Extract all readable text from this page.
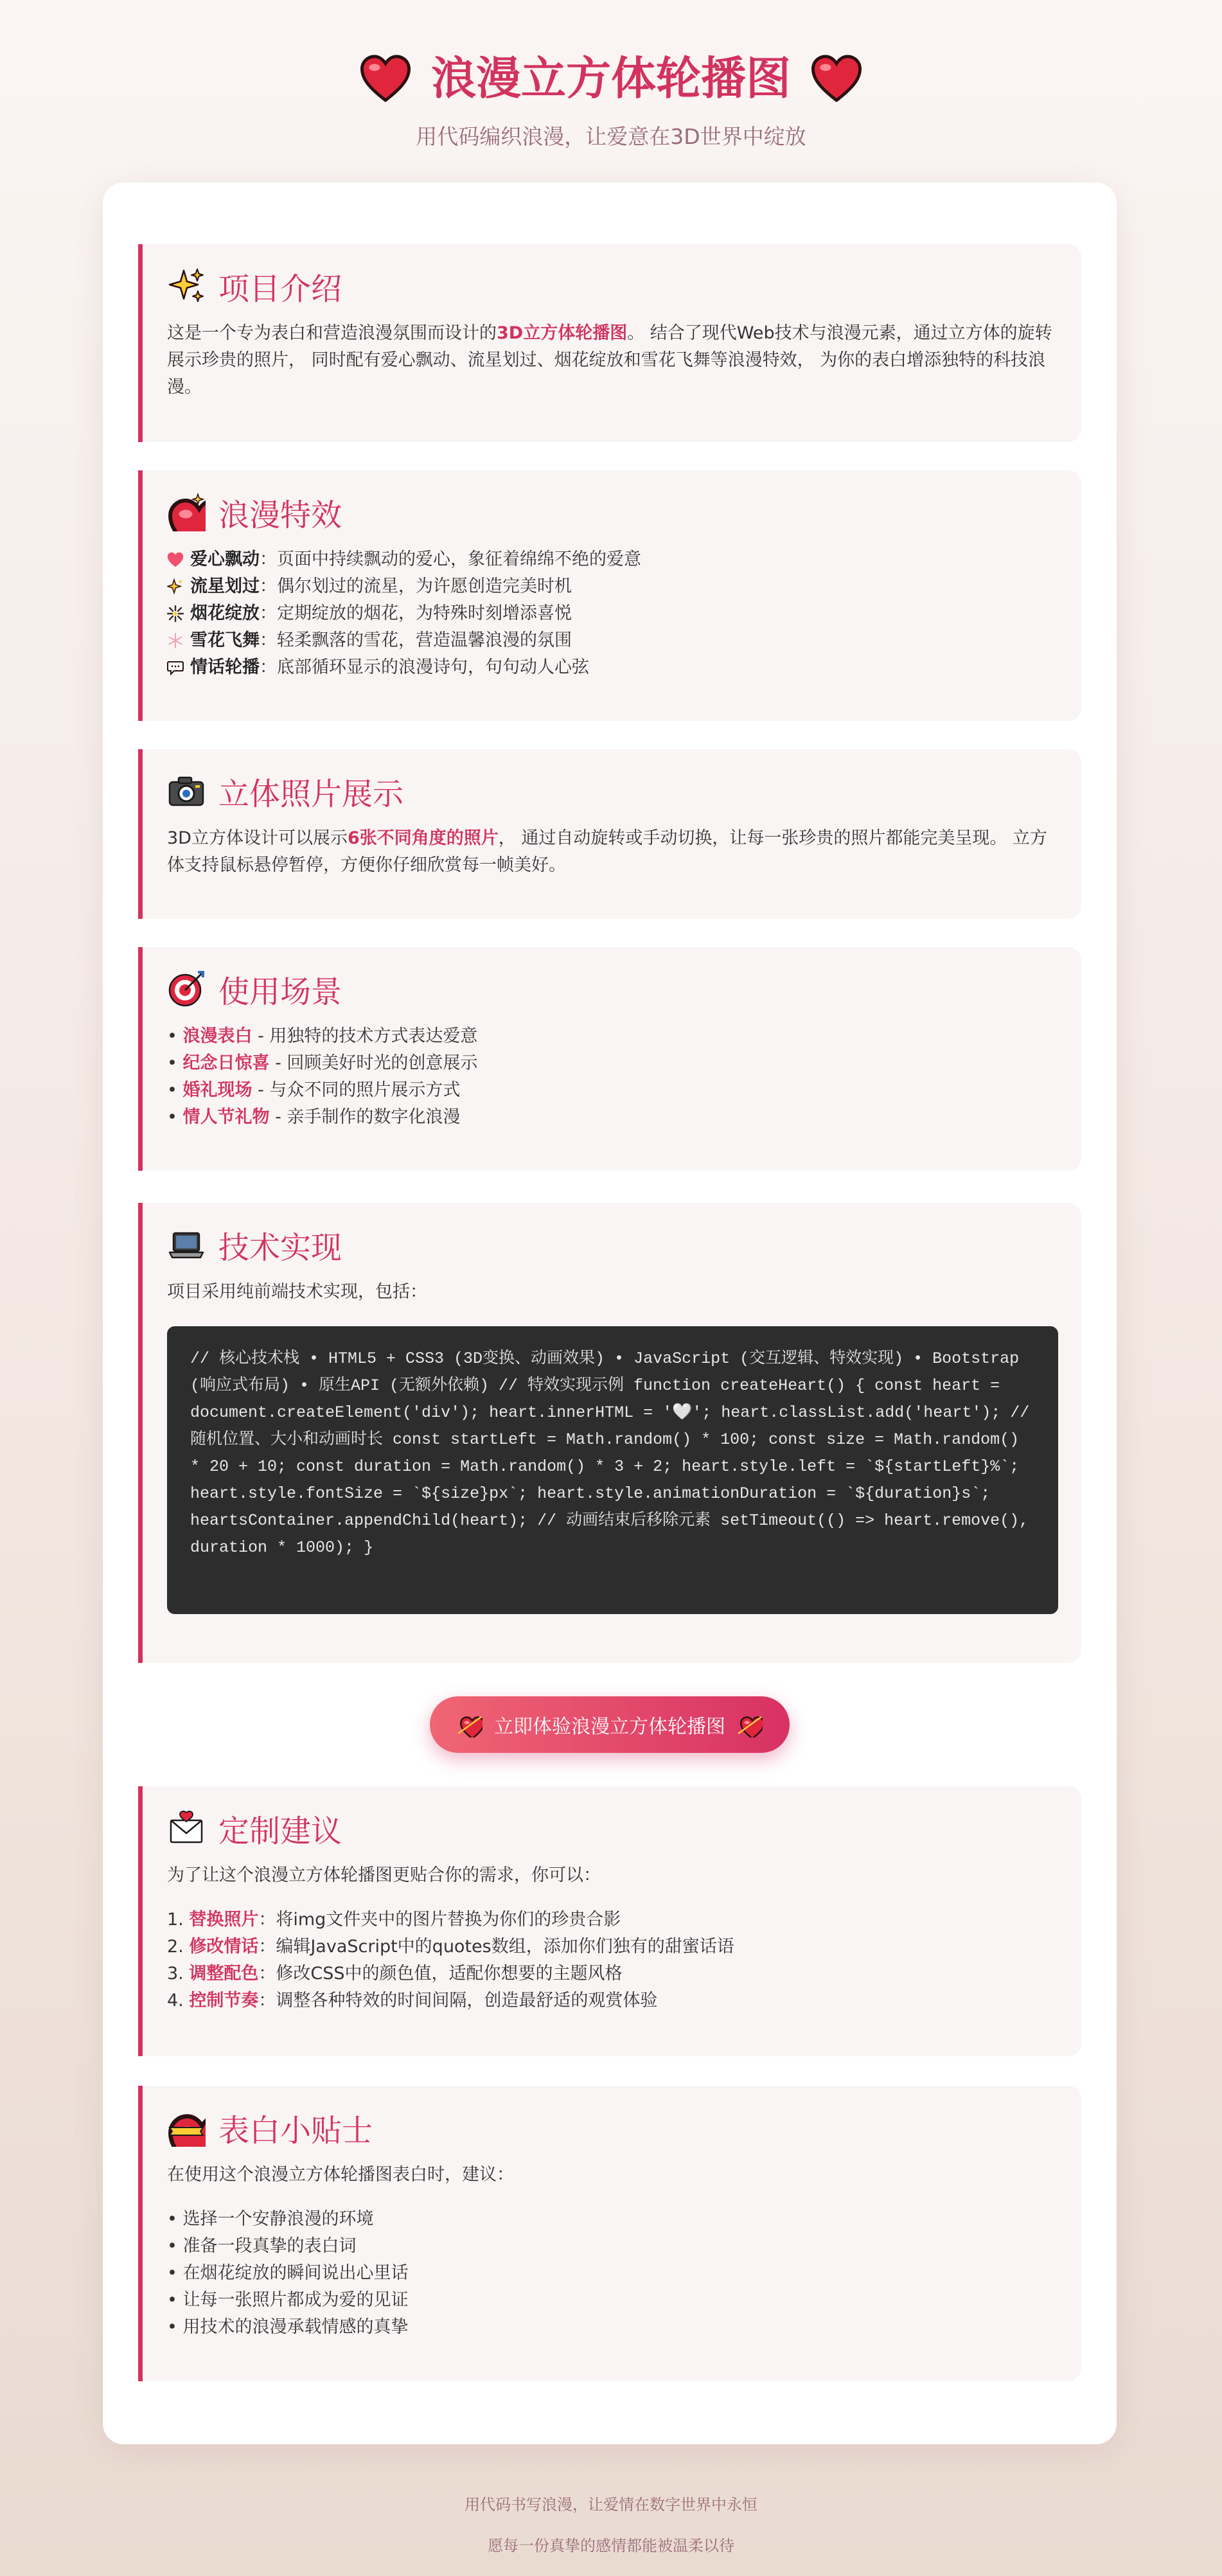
浪漫立方体轮播图
用代码编织浪漫，让爱意在3D世界中绽放
项目介绍

这是一个专为表白和营造浪漫氛围而设计的3D立方体轮播图。 结合了现代Web技术与浪漫元素，通过立方体的旋转展示珍贵的照片， 同时配有爱心飘动、流星划过、烟花绽放和雪花飞舞等浪漫特效， 为你的表白增添独特的科技浪漫。

浪漫特效
爱心飘动 ：页面中持续飘动的爱心，象征着绵绵不绝的爱意
流星划过 ：偶尔划过的流星，为许愿创造完美时机
烟花绽放 ：定期绽放的烟花，为特殊时刻增添喜悦
雪花飞舞 ：轻柔飘落的雪花，营造温馨浪漫的氛围
情话轮播 ：底部循环显示的浪漫诗句，句句动人心弦
立体照片展示

3D立方体设计可以展示6张不同角度的照片， 通过自动旋转或手动切换，让每一张珍贵的照片都能完美呈现。 立方体支持鼠标悬停暂停，方便你仔细欣赏每一帧美好。

使用场景
• 浪漫表白 - 用独特的技术方式表达爱意
• 纪念日惊喜 - 回顾美好时光的创意展示
• 婚礼现场 - 与众不同的照片展示方式
• 情人节礼物 - 亲手制作的数字化浪漫
技术实现

项目采用纯前端技术实现，包括：

// 核心技术栈 • HTML5 + CSS3 (3D变换、动画效果) • JavaScript (交互逻辑、特效实现) • Bootstrap (响应式布局) • 原生API (无额外依赖) // 特效实现示例 function createHeart() { const heart = document.createElement('div'); heart.innerHTML = '🤍'; heart.classList.add('heart'); // 随机位置、大小和动画时长 const startLeft = Math.random() * 100; const size = Math.random() * 20 + 10; const duration = Math.random() * 3 + 2; heart.style.left = `${startLeft}%`; heart.style.fontSize = `${size}px`; heart.style.animationDuration = `${duration}s`; heartsContainer.appendChild(heart); // 动画结束后移除元素 setTimeout(() => heart.remove(), duration * 1000); }
立即体验浪漫立方体轮播图
定制建议

为了让这个浪漫立方体轮播图更贴合你的需求，你可以：

1. 替换照片：将img文件夹中的图片替换为你们的珍贵合影
2. 修改情话：编辑JavaScript中的quotes数组，添加你们独有的甜蜜话语
3. 调整配色：修改CSS中的颜色值，适配你想要的主题风格
4. 控制节奏：调整各种特效的时间间隔，创造最舒适的观赏体验
表白小贴士

在使用这个浪漫立方体轮播图表白时，建议：

• 选择一个安静浪漫的环境
• 准备一段真挚的表白词
• 在烟花绽放的瞬间说出心里话
• 让每一张照片都成为爱的见证
• 用技术的浪漫承载情感的真挚
用代码书写浪漫，让爱情在数字世界中永恒
愿每一份真挚的感情都能被温柔以待
